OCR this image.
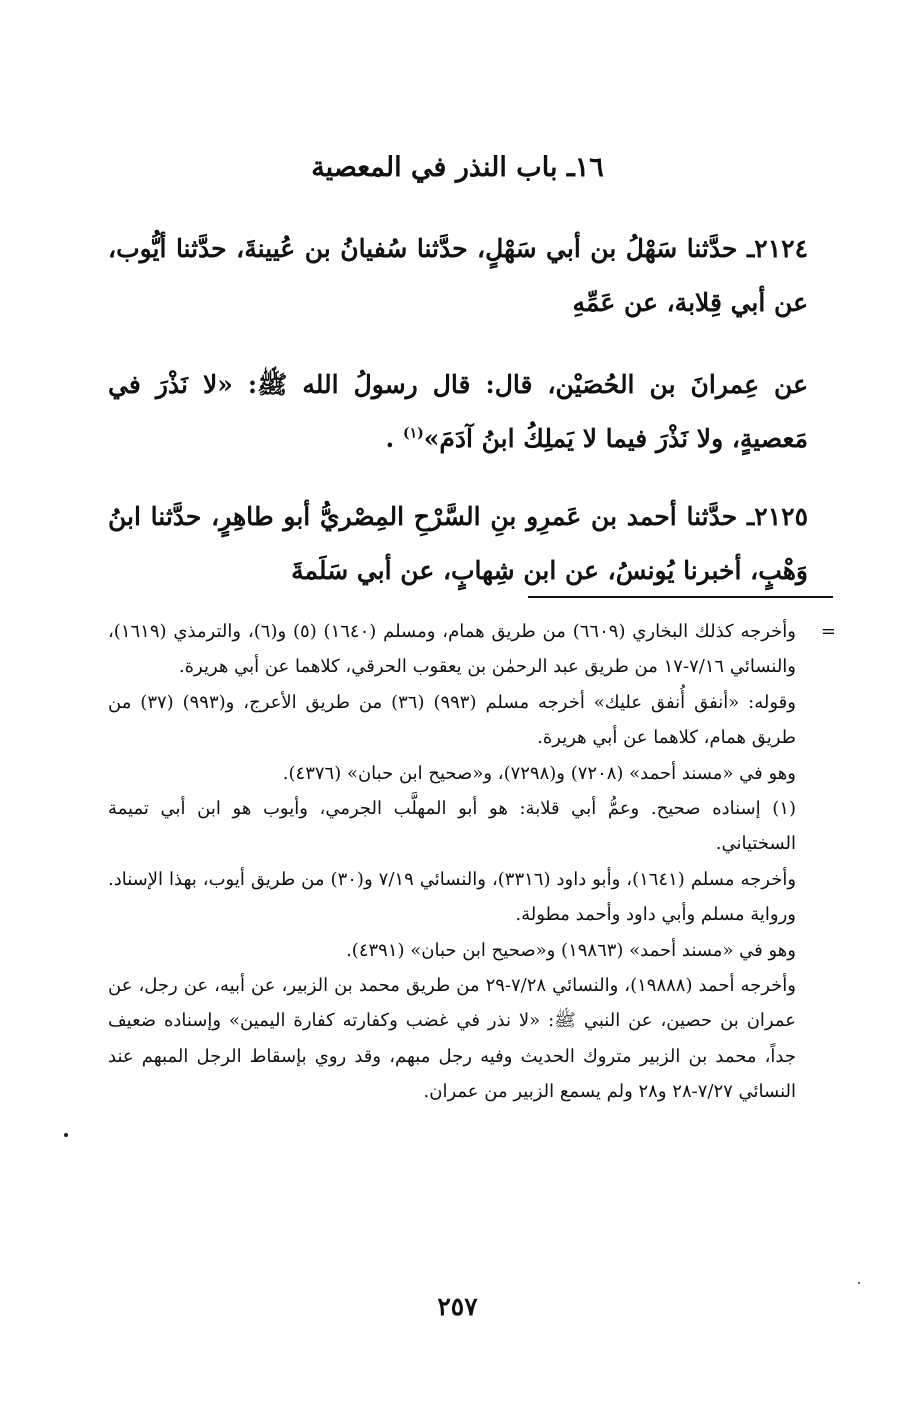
١٦ـ باب النذر في المعصية
٢١٢٤ـ حدَّثنا سَهْلُ بن أبي سَهْلٍ، حدَّثنا سُفيانُ بن عُيينةَ، حدَّثنا أيُّوب، عن أبي قِلابة، عن عَمِّهِ
عن عِمرانَ بن الحُصَيْن، قال: قال رسولُ الله ﷺ: «لا نَذْرَ في مَعصيةٍ، ولا نَذْرَ فيما لا يَملِكُ ابنُ آدَمَ»$^{(١)}$ .
٢١٢٥ـ حدَّثنا أحمد بن عَمرِو بنِ السَّرْحِ المِصْريُّ أبو طاهِرٍ، حدَّثنا ابنُ وَهْبٍ، أخبرنا يُونسُ، عن ابن شِهابٍ، عن أبي سَلَمةَ
=

وأخرجه كذلك البخاري (٦٦٠٩) من طريق همام، ومسلم (١٦٤٠) (٥) و(٦)، والترمذي (١٦١٩)، والنسائي ٧/١٦-١٧ من طريق عبد الرحمٰن بن يعقوب الحرقي، كلاهما عن أبي هريرة.

وقوله: «أنفق أُنفق عليك» أخرجه مسلم (٩٩٣) (٣٦) من طريق الأعرج، و(٩٩٣) (٣٧) من طريق همام، كلاهما عن أبي هريرة.

وهو في «مسند أحمد» (٧٢٠٨) و(٧٢٩٨)، و«صحيح ابن حبان» (٤٣٧٦).

(١) إسناده صحيح. وعمُّ أبي قلابة: هو أبو المهلَّب الجرمي، وأيوب هو ابن أبي تميمة السختياني.

وأخرجه مسلم (١٦٤١)، وأبو داود (٣٣١٦)، والنسائي ٧/١٩ و(٣٠) من طريق أيوب، بهذا الإسناد. ورواية مسلم وأبي داود وأحمد مطولة.

وهو في «مسند أحمد» (١٩٨٦٣) و«صحيح ابن حبان» (٤٣٩١).

وأخرجه أحمد (١٩٨٨٨)، والنسائي ٧/٢٨-٢٩ من طريق محمد بن الزبير، عن أبيه، عن رجل، عن عمران بن حصين، عن النبي ﷺ: «لا نذر في غضب وكفارته كفارة اليمين» وإسناده ضعيف جداً، محمد بن الزبير متروك الحديث وفيه رجل مبهم، وقد روي بإسقاط الرجل المبهم عند النسائي ٧/٢٧-٢٨ و٢٨ ولم يسمع الزبير من عمران.

٢٥٧
